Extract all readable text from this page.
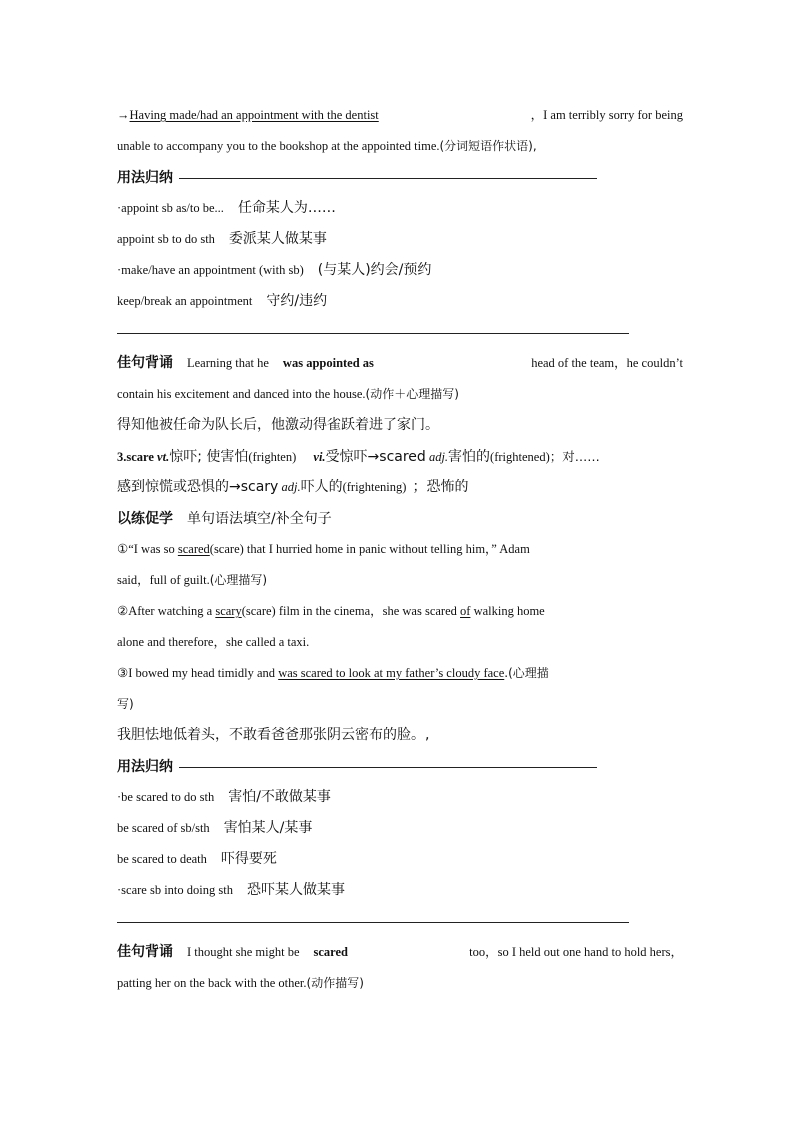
→Having made/had an appointment with the dentist	，I am terribly sorry for being
unable to accompany you to the bookshop at the appointed time.(分词短语作状语),
用法归纳
·appoint sb as/to be... 任命某人为……
appoint sb to do sth 委派某人做某事
·make/have an appointment (with sb) (与某人)约会/预约
keep/break an appointment 守约/违约
佳句背诵 Learning that he was appointed as	head of the team，he couldn’t
contain his excitement and danced into the house.(动作＋心理描写)
得知他被任命为队长后，他激动得雀跃着进了家门。
3.scare vt.惊吓; 使害怕(frighten) vi.受惊吓→scared adj.害怕的(frightened)；对……
感到惊慌或恐惧的→scary adj.吓人的(frightening) ；恐怖的
以练促学 单句语法填空/补全句子
①“I was so scared(scare) that I hurried home in panic without telling him，” Adam
said，full of guilt.(心理描写)
②After watching a scary(scare) film in the cinema，she was scared of walking home
alone and therefore，she called a taxi.
③I bowed my head timidly and was scared to look at my father’s cloudy face.(心理描
写)
我胆怯地低着头，不敢看爸爸那张阴云密布的脸。,
用法归纳
·be scared to do sth 害怕/不敢做某事
be scared of sb/sth 害怕某人/某事
be scared to death 吓得要死
·scare sb into doing sth 恐吓某人做某事
佳句背诵 I thought she might be scared	too，so I held out one hand to hold hers，
patting her on the back with the other.(动作描写)
